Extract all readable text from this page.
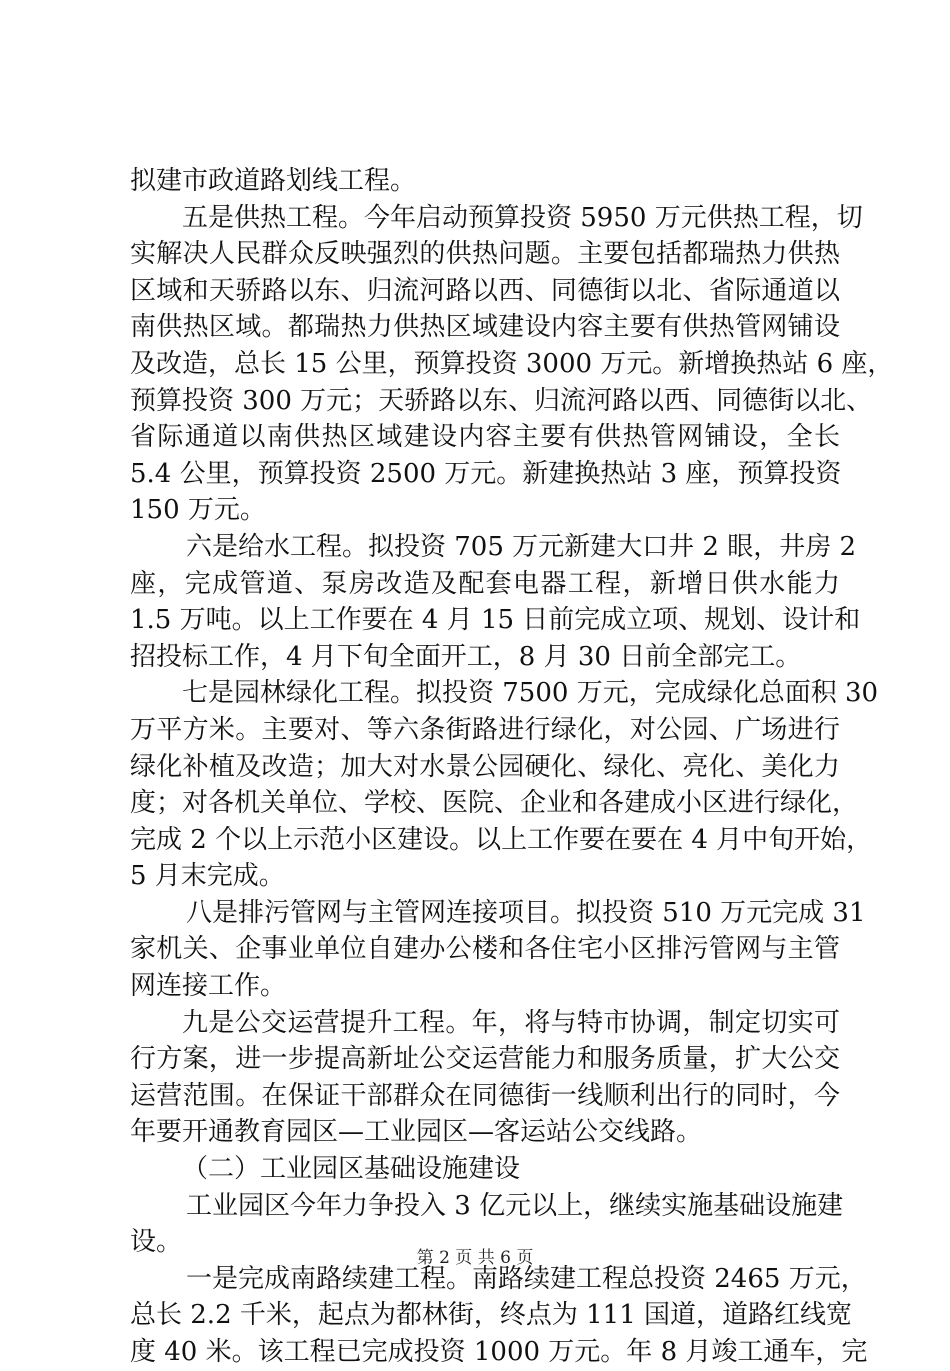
拟建市政道路划线工程。
五是供热工程。今年启动预算投资 5950 万元供热工程，切
实解决人民群众反映强烈的供热问题。主要包括都瑞热力供热
区域和天骄路以东、归流河路以西、同德街以北、省际通道以
南供热区域。都瑞热力供热区域建设内容主要有供热管网铺设
及改造，总长 15 公里，预算投资 3000 万元。新增换热站 6 座，
预算投资 300 万元；天骄路以东、归流河路以西、同德街以北、
省际通道以南供热区域建设内容主要有供热管网铺设，全长
5.4 公里，预算投资 2500 万元。新建换热站 3 座，预算投资
150 万元。
六是给水工程。拟投资 705 万元新建大口井 2 眼，井房 2
座，完成管道、泵房改造及配套电器工程，新增日供水能力
1.5 万吨。以上工作要在 4 月 15 日前完成立项、规划、设计和
招投标工作，4 月下旬全面开工，8 月 30 日前全部完工。
七是园林绿化工程。拟投资 7500 万元，完成绿化总面积 30
万平方米。主要对、等六条街路进行绿化，对公园、广场进行
绿化补植及改造；加大对水景公园硬化、绿化、亮化、美化力
度；对各机关单位、学校、医院、企业和各建成小区进行绿化，
完成 2 个以上示范小区建设。以上工作要在要在 4 月中旬开始，
5 月末完成。
八是排污管网与主管网连接项目。拟投资 510 万元完成 31
家机关、企事业单位自建办公楼和各住宅小区排污管网与主管
网连接工作。
九是公交运营提升工程。年，将与特市协调，制定切实可
行方案，进一步提高新址公交运营能力和服务质量，扩大公交
运营范围。在保证干部群众在同德街一线顺利出行的同时，今
年要开通教育园区—工业园区—客运站公交线路。
（二）工业园区基础设施建设
工业园区今年力争投入 3 亿元以上，继续实施基础设施建
设。
一是完成南路续建工程。南路续建工程总投资 2465 万元，
总长 2.2 千米，起点为都林街，终点为 111 国道，道路红线宽
度 40 米。该工程已完成投资 1000 万元。年 8 月竣工通车，完
第 2 页 共 6 页
